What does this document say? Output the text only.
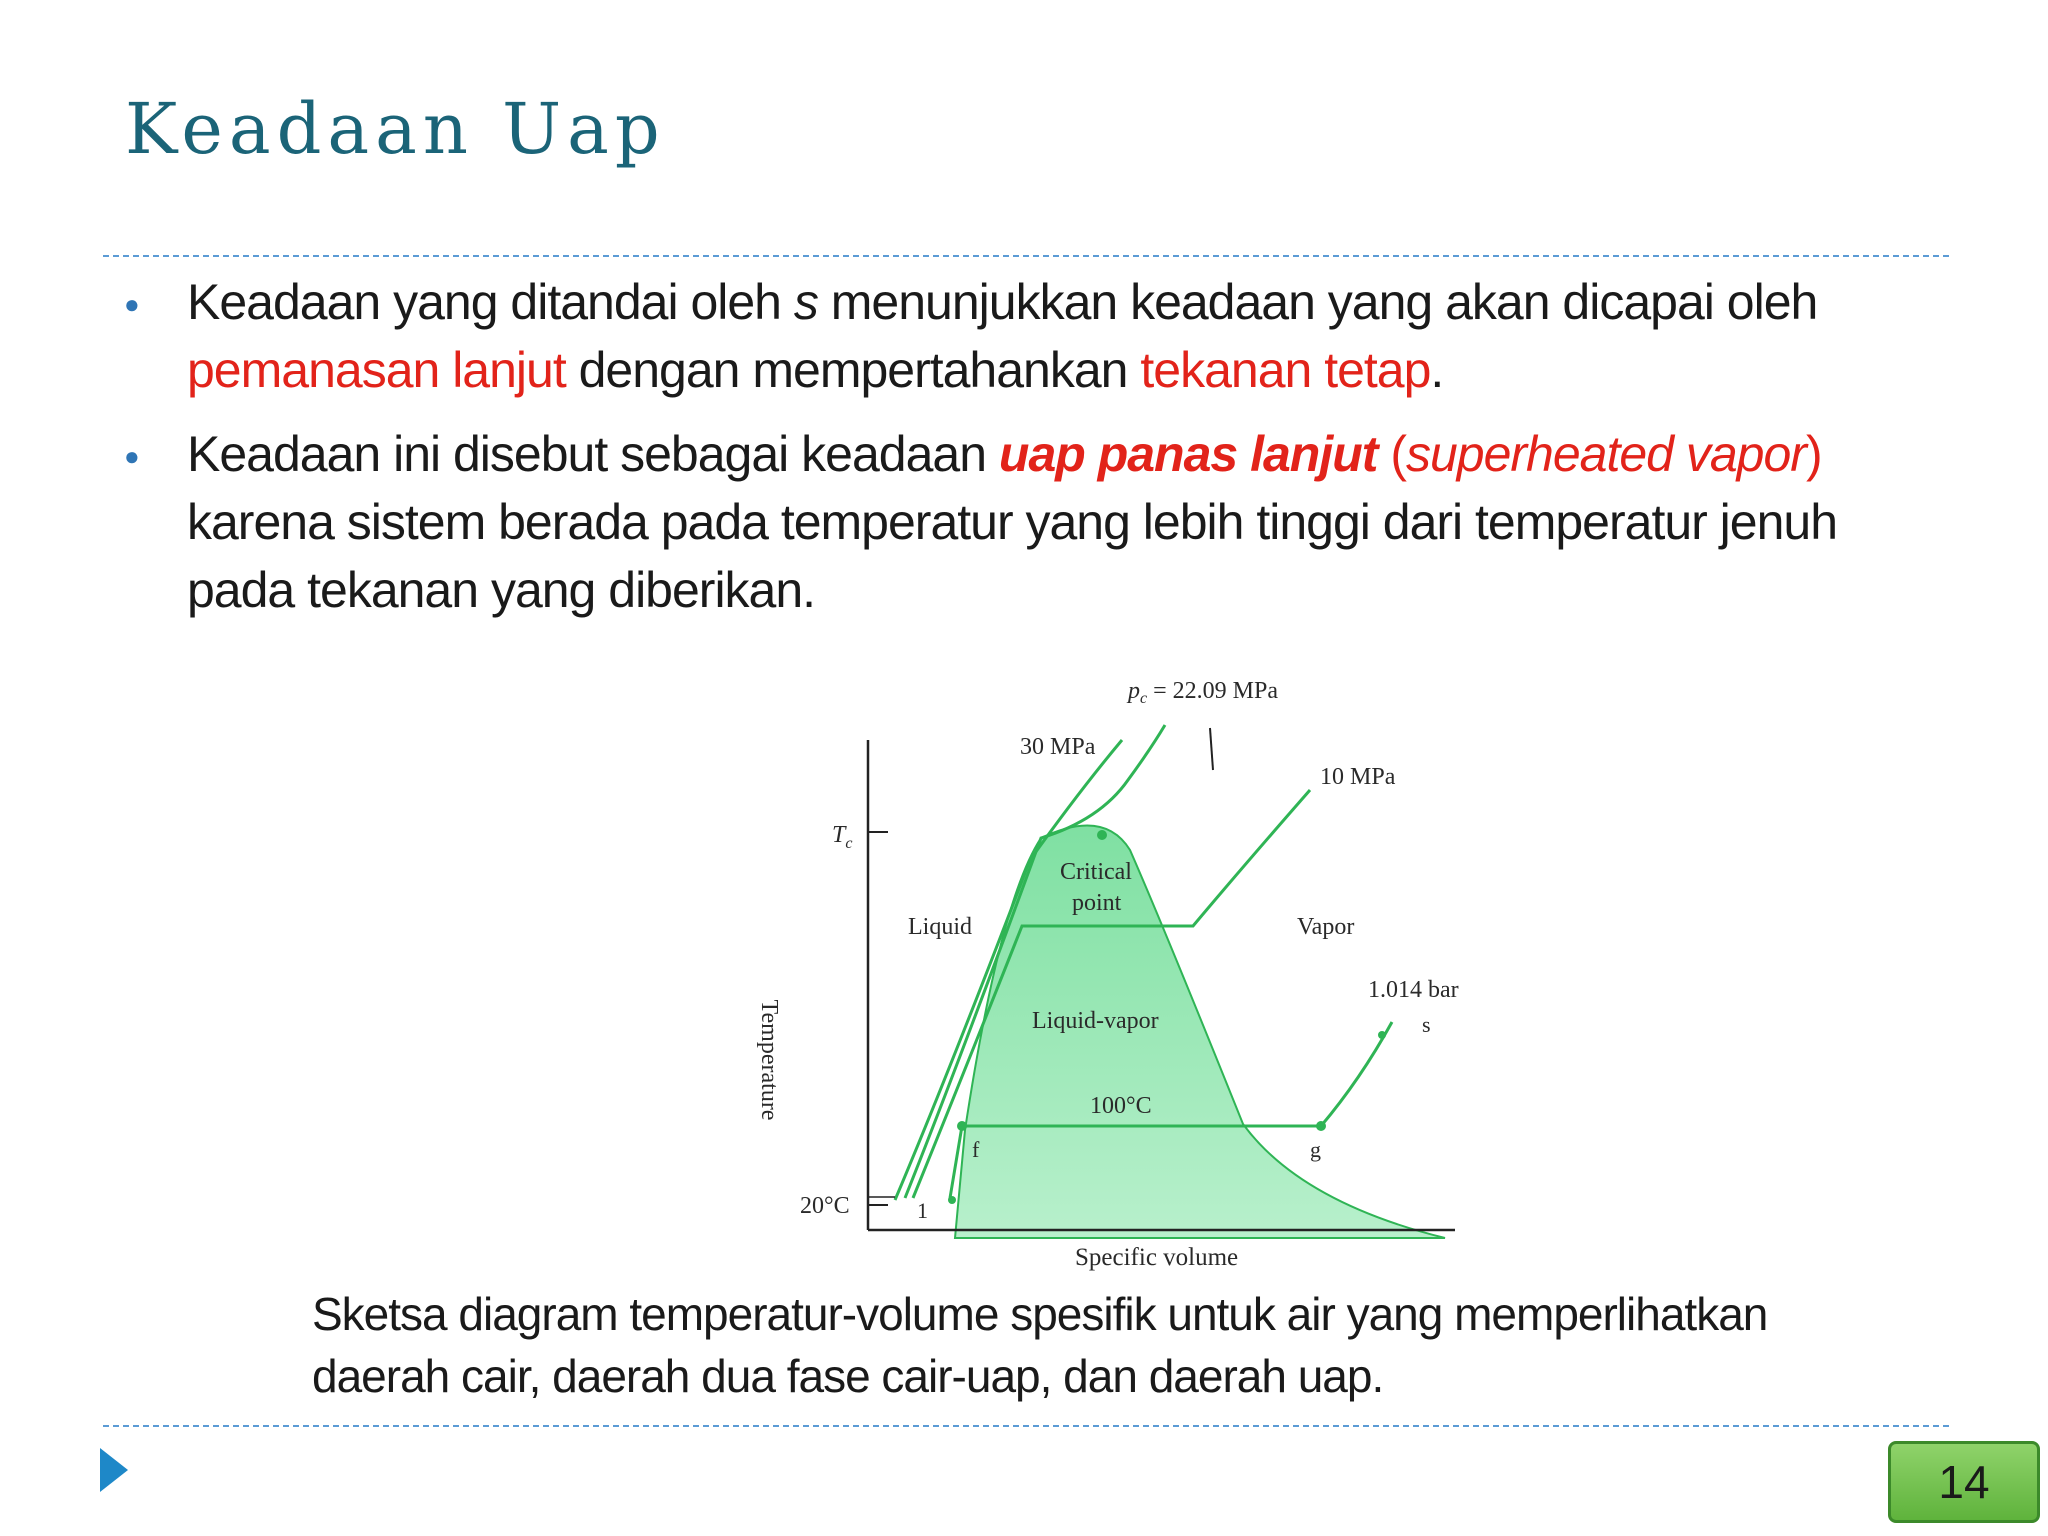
Keadaan Uap
● Keadaan yang ditandai oleh s menunjukkan keadaan yang akan dicapai oleh pemanasan lanjut dengan mempertahankan tekanan tetap.
● Keadaan ini disebut sebagai keadaan uap panas lanjut (superheated vapor) karena sistem berada pada temperatur yang lebih tinggi dari temperatur jenuh pada tekanan yang diberikan.
$p_c = 22.09$ MPa
30 MPa
10 MPa
$T_c$
Critical
point
Liquid	Vapor
1.014 bar
s
Liquid-vapor
100°C
f	g
20°C	1
Specific volume
Temperature

Sketsa diagram temperatur-volume spesifik untuk air yang memperlihatkan daerah cair, daerah dua fase cair-uap, dan daerah uap.

14
